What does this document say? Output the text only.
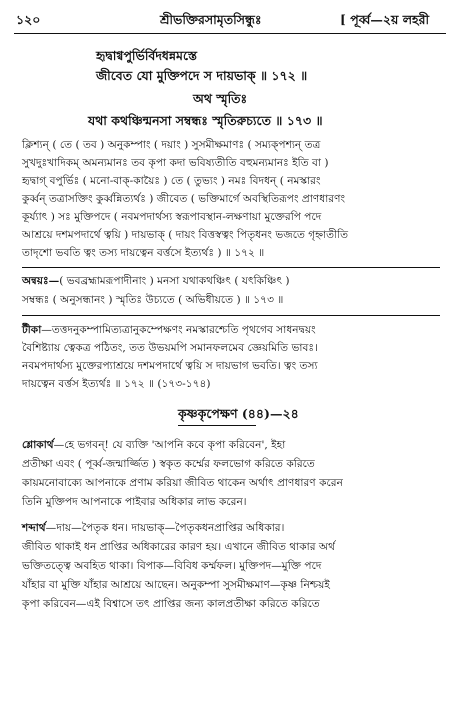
১২০	শ্রীভক্তিরসামৃতসিন্ধুঃ	[ পূর্ব্ব—২য় লহরী
হৃদ্বাগ্বপুর্ভির্বিদধন্নমস্তে
জীবেত যো মুক্তিপদে স দায়ভাক্ ॥ ১৭২ ॥
অথ স্মৃতিঃ
যথা কথঞ্চিন্মনসা সম্বন্ধঃ স্মৃতিরুচ্যতে ॥ ১৭৩ ॥
ক্লিশ্যন্ ( তে ( তব ) অনুকম্পাং ( দয়াং ) সুসমীক্ষমাণঃ ( সম্যক্পশ্যন্ তত্র
সুখদুঃখাদিকম্ অমন্যমানঃ তব কৃপা কদা ভবিষ্যতীতি বহুমন্যমানঃ ইতি বা )
হৃদ্বাগ্ বপুর্ভিঃ ( মনো-বাক্-কায়ৈঃ ) তে ( তুভ্যং ) নমঃ বিদধন্ ( নমস্কারং
কুর্ব্বন্ তত্রাসক্তিং কুর্ব্বন্নিত্যর্থঃ ) জীবেত ( ভক্তিমার্গে অবস্থিতিরূপং প্রাণধারণং
কূর্য্যাৎ ) সঃ মুক্তিপদে ( নবমপদার্থস্য স্বরূপাবস্থান-লক্ষণায়া মুক্তেরপি পদে
আশ্রয়ে দশমপদার্থে ত্বয়ি ) দায়ভাক্ ( দায়ং বিত্তস্বত্বং পিতৃধনং ভজতে গৃহ্নাতীতি
তাদৃশো ভবতি ত্বং তস্য দায়ত্বেন বর্ত্তসে ইত্যর্থঃ ) ॥ ১৭২ ॥
অন্বয়ঃ—( ভবব্রহ্মামরূপাদীনাং ) মনসা যথাকথঞ্চিৎ ( যৎকিঞ্চিৎ )
সম্বন্ধঃ ( অনুসন্ধানং ) স্মৃতিঃ উচ্যতে ( অভিধীয়তে ) ॥ ১৭৩ ॥
টীকা—তত্তদনুকম্পামিত্যত্রানুকম্পেক্ষণং নমস্কারশ্চেতি পৃথগেব সাধনদ্বয়ং
বৈশিষ্ট্যায় ত্বেকত্র পঠিতং, তত উভয়মপি সমানফলমেব জ্ঞেয়মিতি ভাবঃ।
নবমপদার্থস্য মুক্তেরপ্যাশ্রয়ে দশমপদার্থে ত্বয়ি স দায়ভাগ ভবতি। ত্বং তস্য
দায়ত্বেন বর্ত্তস ইত্যর্থঃ ॥ ১৭২ ॥ (১৭৩-১৭৪)
কৃষ্ণকৃপেক্ষণ (৪৪)—২৪
শ্লোকার্থ—হে ভগবন্! যে ব্যক্তি 'আপনি কবে কৃপা করিবেন', ইহা
প্রতীক্ষা এবং ( পূর্ব্ব-জন্মার্জ্জিত ) স্বকৃত কর্ম্মের ফলভোগ করিতে করিতে
কায়মনোবাক্যে আপনাকে প্রণাম করিয়া জীবিত থাকেন অর্থাৎ প্রাণধারণ করেন
তিনি মুক্তিপদ আপনাকে পাইবার অধিকার লাভ করেন।
শব্দার্থ—দায়—পৈতৃক ধন। দায়ভাক্—পৈতৃকধনপ্রাপ্তির অধিকার।
জীবিত থাকাই ধন প্রাপ্তির অধিকারের কারণ হয়। এখানে জীবিত থাকার অর্থ
ভক্তিতত্ত্বে অবহিত থাকা। বিপাক—বিবিধ কর্ম্মফল। মুক্তিপদ—মুক্তি পদে
যাঁহার বা মুক্তি যাঁহার আশ্রয়ে আছেন। অনুকম্পা সুসমীক্ষমাণ—কৃষ্ণ নিশ্চয়ই
কৃপা করিবেন—এই বিশ্বাসে তৎ প্রাপ্তির জন্য কালপ্রতীক্ষা করিতে করিতে
